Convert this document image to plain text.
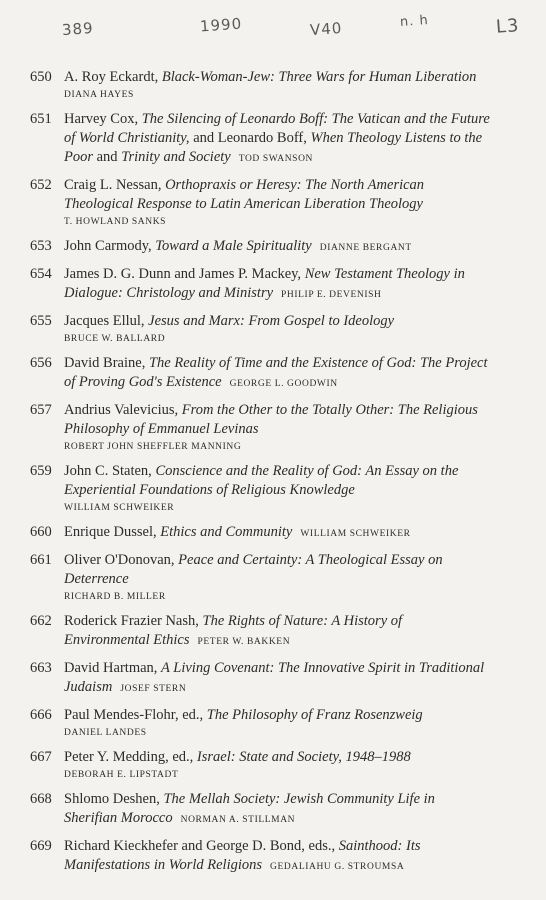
389	1990	V40	n. h	L3
650 A. Roy Eckardt, Black-Woman-Jew: Three Wars for Human Liberation
DIANA HAYES
651 Harvey Cox, The Silencing of Leonardo Boff: The Vatican and the Future of World Christianity, and Leonardo Boff, When Theology Listens to the Poor and Trinity and Society TOD SWANSON
652 Craig L. Nessan, Orthopraxis or Heresy: The North American Theological Response to Latin American Liberation Theology
T. HOWLAND SANKS
653 John Carmody, Toward a Male Spirituality DIANNE BERGANT
654 James D. G. Dunn and James P. Mackey, New Testament Theology in Dialogue: Christology and Ministry PHILIP E. DEVENISH
655 Jacques Ellul, Jesus and Marx: From Gospel to Ideology
BRUCE W. BALLARD
656 David Braine, The Reality of Time and the Existence of God: The Project of Proving God's Existence GEORGE L. GOODWIN
657 Andrius Valevicius, From the Other to the Totally Other: The Religious Philosophy of Emmanuel Levinas
ROBERT JOHN SHEFFLER MANNING
659 John C. Staten, Conscience and the Reality of God: An Essay on the Experiential Foundations of Religious Knowledge
WILLIAM SCHWEIKER
660 Enrique Dussel, Ethics and Community WILLIAM SCHWEIKER
661 Oliver O'Donovan, Peace and Certainty: A Theological Essay on Deterrence
RICHARD B. MILLER
662 Roderick Frazier Nash, The Rights of Nature: A History of Environmental Ethics PETER W. BAKKEN
663 David Hartman, A Living Covenant: The Innovative Spirit in Traditional Judaism JOSEF STERN
666 Paul Mendes-Flohr, ed., The Philosophy of Franz Rosenzweig
DANIEL LANDES
667 Peter Y. Medding, ed., Israel: State and Society, 1948–1988
DEBORAH E. LIPSTADT
668 Shlomo Deshen, The Mellah Society: Jewish Community Life in Sherifian Morocco NORMAN A. STILLMAN
669 Richard Kieckhefer and George D. Bond, eds., Sainthood: Its Manifestations in World Religions GEDALIAHU G. STROUMSA
